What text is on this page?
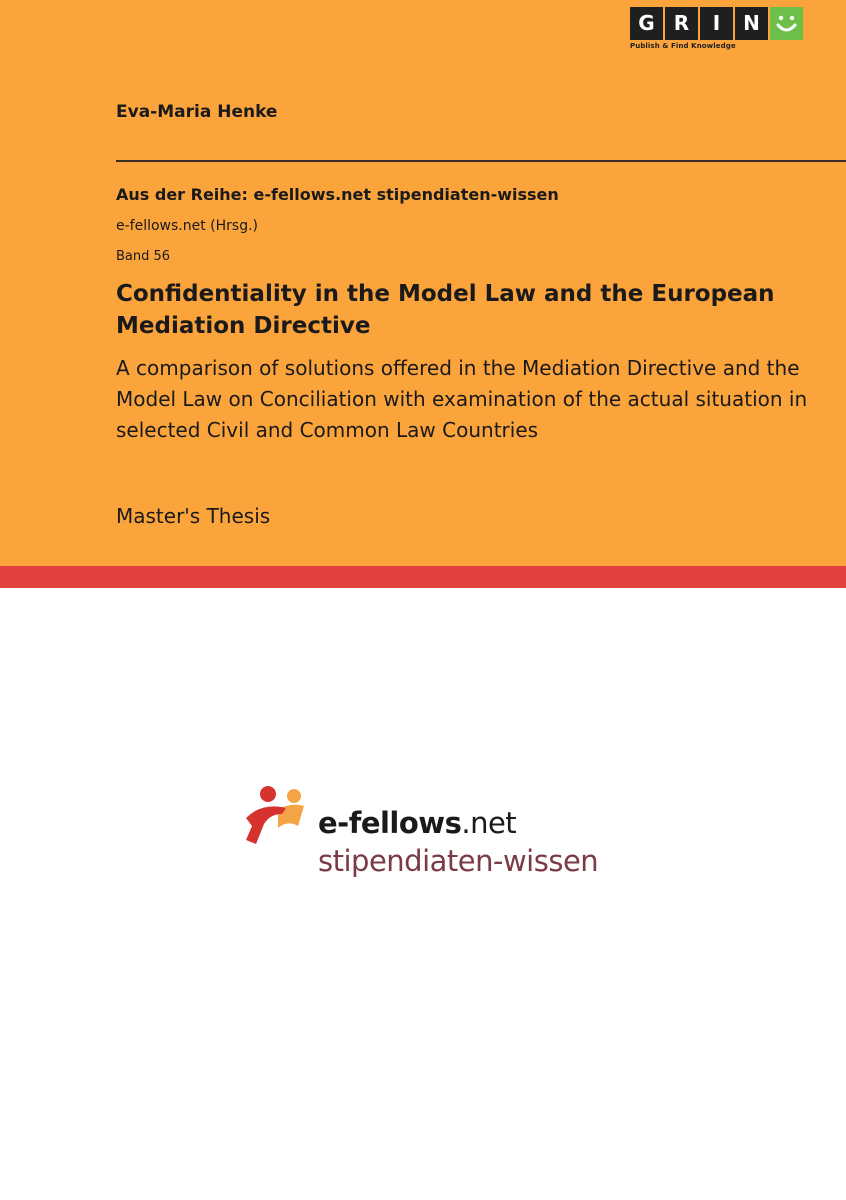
G R	I	N
Publish & Find Knowledge
Eva-Maria Henke
Aus der Reihe: e-fellows.net stipendiaten-wissen
e-fellows.net (Hrsg.)
Band 56
Confidentiality in the Model Law and the European Mediation Directive
A comparison of solutions offered in the Mediation Directive and the Model Law on Conciliation with examination of the actual situation in selected Civil and Common Law Countries
Master's Thesis
e-fellows.net
stipendiaten-wissen
